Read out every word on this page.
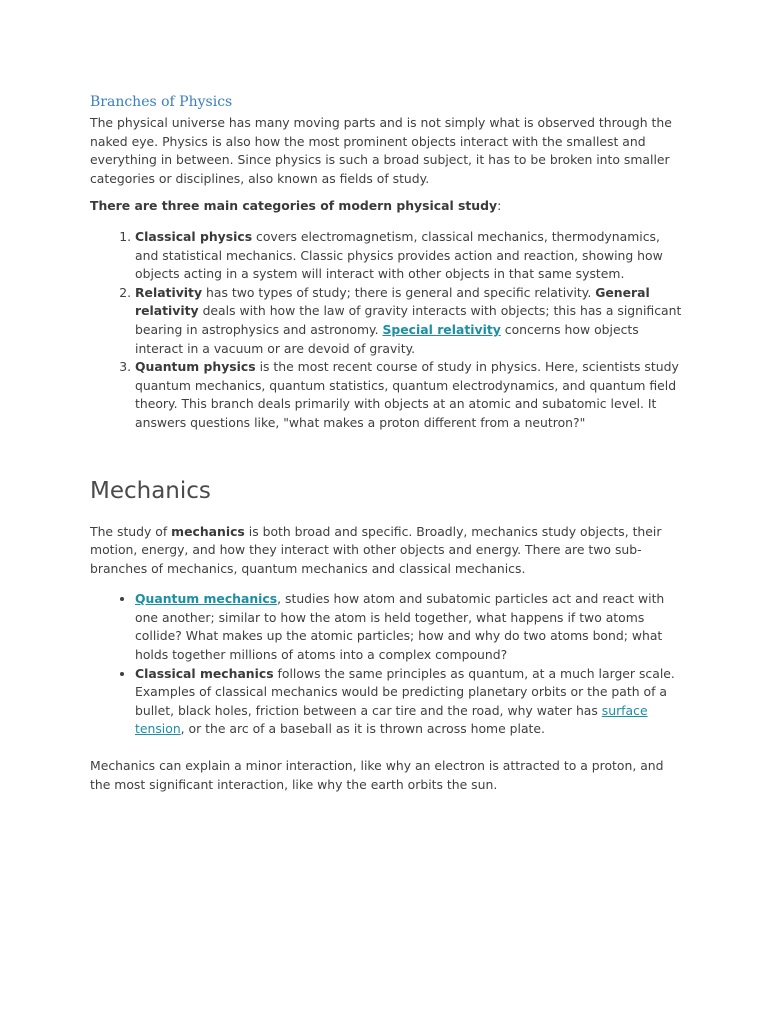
Branches of Physics

The physical universe has many moving parts and is not simply what is observed through the naked eye. Physics is also how the most prominent objects interact with the smallest and everything in between. Since physics is such a broad subject, it has to be broken into smaller categories or disciplines, also known as fields of study.

There are three main categories of modern physical study:

1. Classical physics covers electromagnetism, classical mechanics, thermodynamics, and statistical mechanics. Classic physics provides action and reaction, showing how objects acting in a system will interact with other objects in that same system.
2. Relativity has two types of study; there is general and specific relativity. General relativity deals with how the law of gravity interacts with objects; this has a significant bearing in astrophysics and astronomy. Special relativity concerns how objects interact in a vacuum or are devoid of gravity.
3. Quantum physics is the most recent course of study in physics. Here, scientists study quantum mechanics, quantum statistics, quantum electrodynamics, and quantum field theory. This branch deals primarily with objects at an atomic and subatomic level. It answers questions like, "what makes a proton different from a neutron?"
Mechanics

The study of mechanics is both broad and specific. Broadly, mechanics study objects, their motion, energy, and how they interact with other objects and energy. There are two sub-branches of mechanics, quantum mechanics and classical mechanics.

• Quantum mechanics, studies how atom and subatomic particles act and react with one another; similar to how the atom is held together, what happens if two atoms collide? What makes up the atomic particles; how and why do two atoms bond; what holds together millions of atoms into a complex compound?
• Classical mechanics follows the same principles as quantum, at a much larger scale. Examples of classical mechanics would be predicting planetary orbits or the path of a bullet, black holes, friction between a car tire and the road, why water has surface tension, or the arc of a baseball as it is thrown across home plate.

Mechanics can explain a minor interaction, like why an electron is attracted to a proton, and the most significant interaction, like why the earth orbits the sun.
